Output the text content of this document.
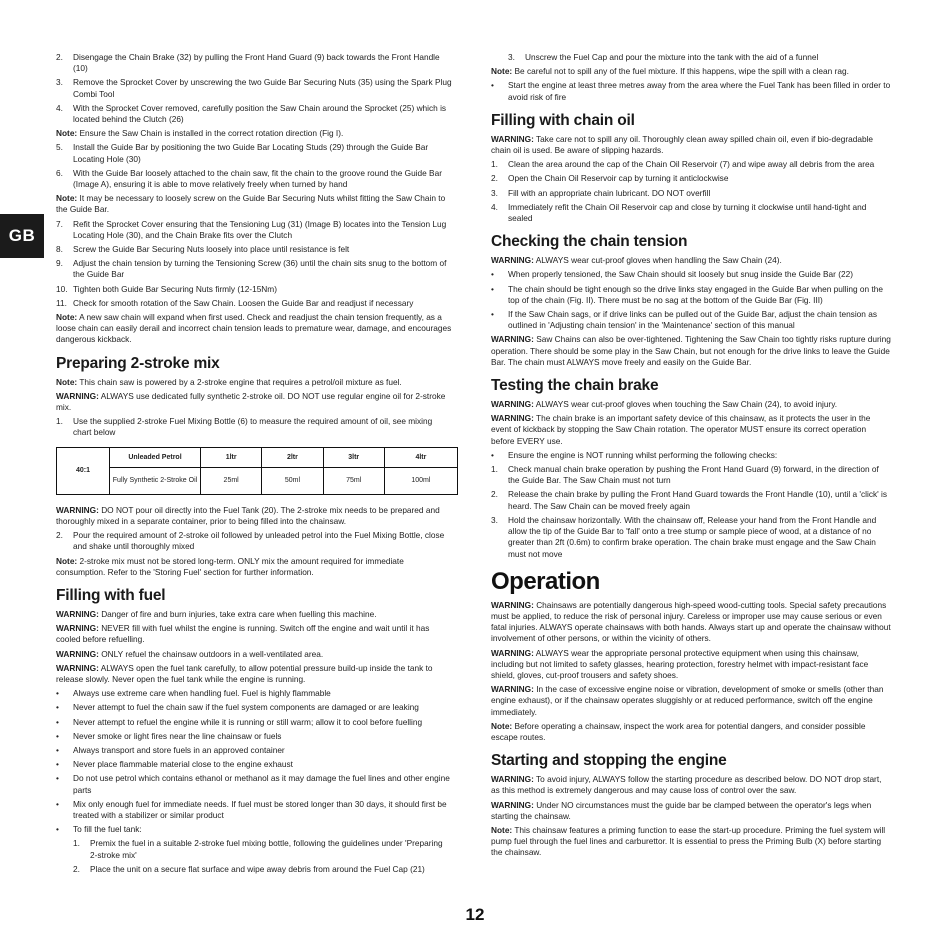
GB
2. Disengage the Chain Brake (32) by pulling the Front Hand Guard (9) back towards the Front Handle (10)
3. Remove the Sprocket Cover by unscrewing the two Guide Bar Securing Nuts (35) using the Spark Plug Combi Tool
4. With the Sprocket Cover removed, carefully position the Saw Chain around the Sprocket (25) which is located behind the Clutch (26)

Note: Ensure the Saw Chain is installed in the correct rotation direction (Fig I).

5. Install the Guide Bar by positioning the two Guide Bar Locating Studs (29) through the Guide Bar Locating Hole (30)
6. With the Guide Bar loosely attached to the chain saw, fit the chain to the groove round the Guide Bar (Image A), ensuring it is able to move relatively freely when turned by hand

Note: It may be necessary to loosely screw on the Guide Bar Securing Nuts whilst fitting the Saw Chain to the Guide Bar.

7. Refit the Sprocket Cover ensuring that the Tensioning Lug (31) (Image B) locates into the Tension Lug Locating Hole (30), and the Chain Brake fits over the Clutch
8. Screw the Guide Bar Securing Nuts loosely into place until resistance is felt
9. Adjust the chain tension by turning the Tensioning Screw (36) until the chain sits snug to the bottom of the Guide Bar
10. Tighten both Guide Bar Securing Nuts firmly (12-15Nm)
11. Check for smooth rotation of the Saw Chain. Loosen the Guide Bar and readjust if necessary

Note: A new saw chain will expand when first used. Check and readjust the chain tension frequently, as a loose chain can easily derail and incorrect chain tension leads to premature wear, damage, and encourages dangerous kickback.

Preparing 2-stroke mix

Note: This chain saw is powered by a 2-stroke engine that requires a petrol/oil mixture as fuel.

WARNING: ALWAYS use dedicated fully synthetic 2-stroke oil. DO NOT use regular engine oil for 2-stroke mix.

1. Use the supplied 2-stroke Fuel Mixing Bottle (6) to measure the required amount of oil, see mixing chart below
40:1	Unleaded Petrol	1ltr	2ltr	3ltr	4ltr
	Fully Synthetic 2-Stroke Oil	25ml	50ml	75ml	100ml

WARNING: DO NOT pour oil directly into the Fuel Tank (20). The 2-stroke mix needs to be prepared and thoroughly mixed in a separate container, prior to being filled into the chainsaw.

2. Pour the required amount of 2-stroke oil followed by unleaded petrol into the Fuel Mixing Bottle, close and shake until thoroughly mixed

Note: 2-stroke mix must not be stored long-term. ONLY mix the amount required for immediate consumption. Refer to the 'Storing Fuel' section for further information.

Filling with fuel

WARNING: Danger of fire and burn injuries, take extra care when fuelling this machine.

WARNING: NEVER fill with fuel whilst the engine is running. Switch off the engine and wait until it has cooled before refuelling.

WARNING: ONLY refuel the chainsaw outdoors in a well-ventilated area.

WARNING: ALWAYS open the fuel tank carefully, to allow potential pressure build-up inside the tank to release slowly. Never open the fuel tank while the engine is running.

• Always use extreme care when handling fuel. Fuel is highly flammable
• Never attempt to fuel the chain saw if the fuel system components are damaged or are leaking
• Never attempt to refuel the engine while it is running or still warm; allow it to cool before fuelling
• Never smoke or light fires near the line chainsaw or fuels
• Always transport and store fuels in an approved container
• Never place flammable material close to the engine exhaust
• Do not use petrol which contains ethanol or methanol as it may damage the fuel lines and other engine parts
• Mix only enough fuel for immediate needs. If fuel must be stored longer than 30 days, it should first be treated with a stabilizer or similar product
• To fill the fuel tank:
1. Premix the fuel in a suitable 2-stroke fuel mixing bottle, following the guidelines under 'Preparing 2-stroke mix'
2. Place the unit on a secure flat surface and wipe away debris from around the Fuel Cap (21)
3. Unscrew the Fuel Cap and pour the mixture into the tank with the aid of a funnel

Note: Be careful not to spill any of the fuel mixture. If this happens, wipe the spill with a clean rag.

• Start the engine at least three metres away from the area where the Fuel Tank has been filled in order to avoid risk of fire
Filling with chain oil

WARNING: Take care not to spill any oil. Thoroughly clean away spilled chain oil, even if bio-degradable chain oil is used. Be aware of slipping hazards.

1. Clean the area around the cap of the Chain Oil Reservoir (7) and wipe away all debris from the area
2. Open the Chain Oil Reservoir cap by turning it anticlockwise
3. Fill with an appropriate chain lubricant. DO NOT overfill
4. Immediately refit the Chain Oil Reservoir cap and close by turning it clockwise until hand-tight and sealed
Checking the chain tension

WARNING: ALWAYS wear cut-proof gloves when handling the Saw Chain (24).

• When properly tensioned, the Saw Chain should sit loosely but snug inside the Guide Bar (22)
• The chain should be tight enough so the drive links stay engaged in the Guide Bar when pulling on the top of the chain (Fig. II). There must be no sag at the bottom of the Guide Bar (Fig. III)
• If the Saw Chain sags, or if drive links can be pulled out of the Guide Bar, adjust the chain tension as outlined in 'Adjusting chain tension' in the 'Maintenance' section of this manual

WARNING: Saw Chains can also be over-tightened. Tightening the Saw Chain too tightly risks rupture during operation. There should be some play in the Saw Chain, but not enough for the drive links to leave the Guide Bar. The chain must ALWAYS move freely and easily on the Guide Bar.

Testing the chain brake

WARNING: ALWAYS wear cut-proof gloves when touching the Saw Chain (24), to avoid injury.

WARNING: The chain brake is an important safety device of this chainsaw, as it protects the user in the event of kickback by stopping the Saw Chain rotation. The operator MUST ensure its correct operation before EVERY use.

• Ensure the engine is NOT running whilst performing the following checks:
1. Check manual chain brake operation by pushing the Front Hand Guard (9) forward, in the direction of the Guide Bar. The Saw Chain must not turn
2. Release the chain brake by pulling the Front Hand Guard towards the Front Handle (10), until a 'click' is heard. The Saw Chain can be moved freely again
3. Hold the chainsaw horizontally. With the chainsaw off, Release your hand from the Front Handle and allow the tip of the Guide Bar to 'fall' onto a tree stump or sample piece of wood, at a distance of no greater than 2ft (0.6m) to confirm brake operation. The chain brake must engage and the Saw Chain must not move
Operation

WARNING: Chainsaws are potentially dangerous high-speed wood-cutting tools. Special safety precautions must be applied, to reduce the risk of personal injury. Careless or improper use may cause serious or even fatal injuries. ALWAYS operate chainsaws with both hands. Always start up and operate the chainsaw without involvement of other persons, or within the vicinity of others.

WARNING: ALWAYS wear the appropriate personal protective equipment when using this chainsaw, including but not limited to safety glasses, hearing protection, forestry helmet with impact-resistant face shield, gloves, cut-proof trousers and safety shoes.

WARNING: In the case of excessive engine noise or vibration, development of smoke or smells (other than engine exhaust), or if the chainsaw operates sluggishly or at reduced performance, switch off the engine immediately.

Note: Before operating a chainsaw, inspect the work area for potential dangers, and consider possible escape routes.

Starting and stopping the engine

WARNING: To avoid injury, ALWAYS follow the starting procedure as described below. DO NOT drop start, as this method is extremely dangerous and may cause loss of control over the saw.

WARNING: Under NO circumstances must the guide bar be clamped between the operator's legs when starting the chainsaw.

Note: This chainsaw features a priming function to ease the start-up procedure. Priming the fuel system will pump fuel through the fuel lines and carburettor. It is essential to press the Priming Bulb (X) before starting the chainsaw.

12
